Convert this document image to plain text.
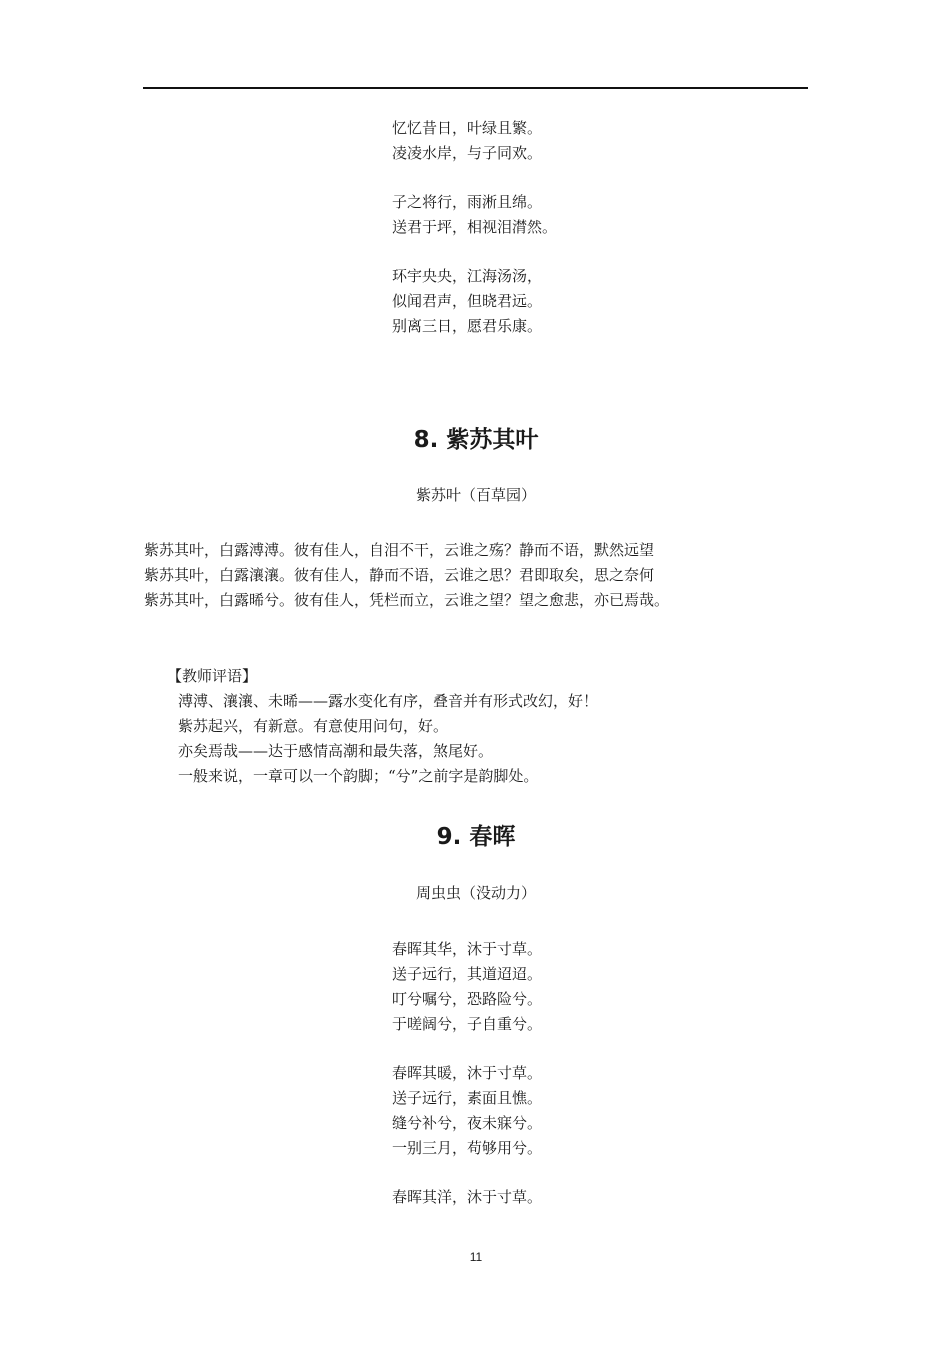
忆忆昔日，叶绿且繁。
凌凌水岸，与子同欢。
子之将行，雨淅且绵。
送君于坪，相视泪潸然。
环宇央央，江海汤汤，
似闻君声，但晓君远。
别离三日，愿君乐康。
8. 紫苏其叶
紫苏叶（百草园）
紫苏其叶，白露溥溥。彼有佳人，自泪不干，云谁之殇？静而不语，默然远望
紫苏其叶，白露瀼瀼。彼有佳人，静而不语，云谁之思？君即取矣，思之奈何
紫苏其叶，白露晞兮。彼有佳人，凭栏而立，云谁之望？望之愈悲，亦已焉哉。
【教师评语】
溥溥、瀼瀼、未晞——露水变化有序，叠音并有形式改幻，好！
紫苏起兴，有新意。有意使用问句，好。
亦矣焉哉——达于感情高潮和最失落，煞尾好。
一般来说，一章可以一个韵脚；“兮”之前字是韵脚处。
9. 春晖
周虫虫（没动力）
春晖其华，沐于寸草。
送子远行，其道迢迢。
叮兮嘱兮，恐路险兮。
于嗟阔兮，子自重兮。
春晖其暖，沐于寸草。
送子远行，素面且憔。
缝兮补兮，夜未寐兮。
一别三月，苟够用兮。
春晖其洋，沐于寸草。
11
